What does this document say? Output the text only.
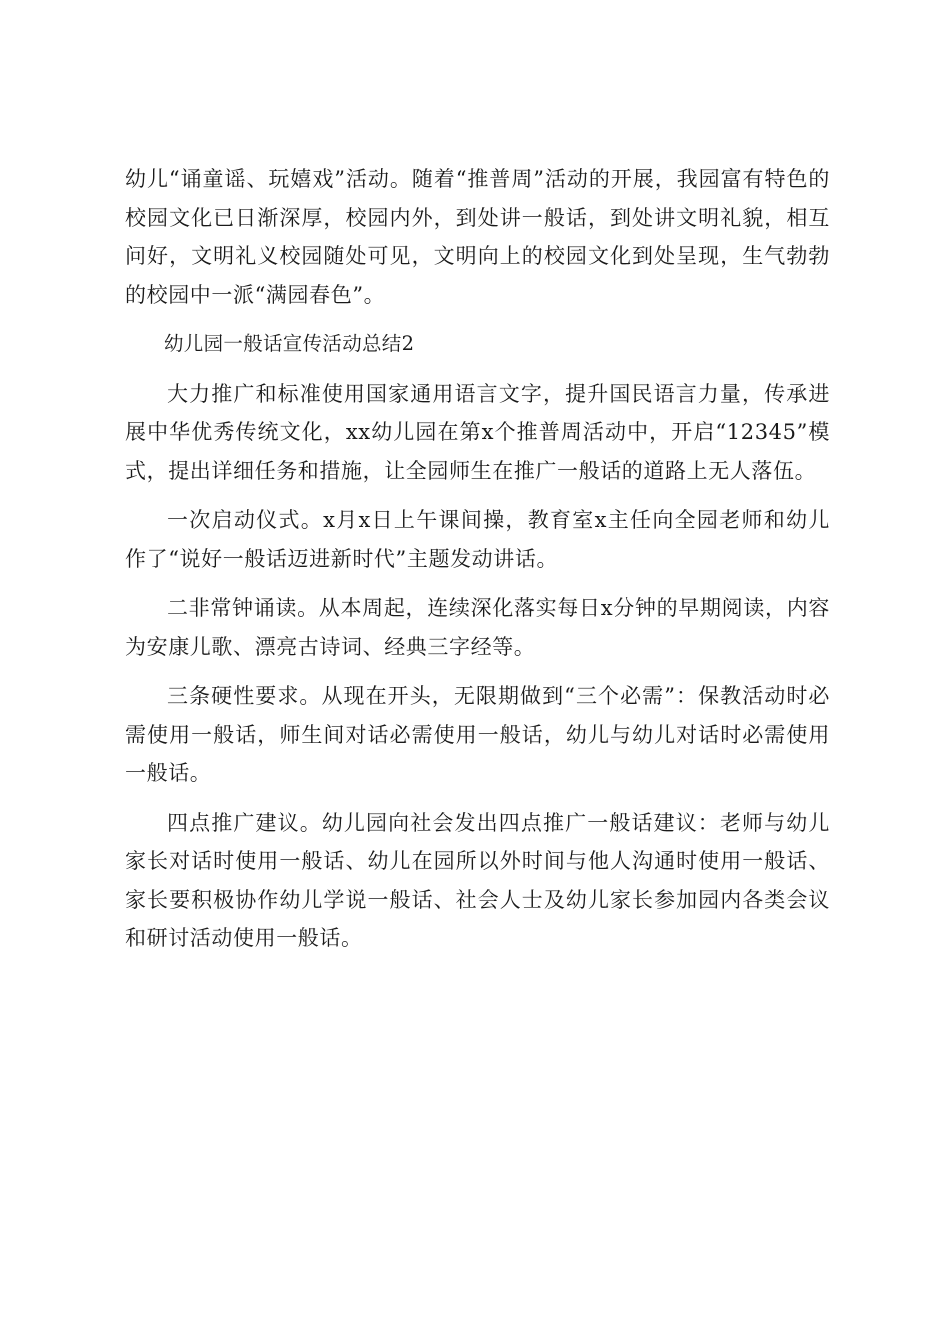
幼儿“诵童谣、玩嬉戏”活动。随着“推普周”活动的开展，我园富有特色的校园文化已日渐深厚，校园内外，到处讲一般话，到处讲文明礼貌，相互问好，文明礼义校园随处可见，文明向上的校园文化到处呈现，生气勃勃的校园中一派“满园春色”。

幼儿园一般话宣传活动总结2

大力推广和标准使用国家通用语言文字，提升国民语言力量，传承进展中华优秀传统文化，xx幼儿园在第x个推普周活动中，开启“12345”模式，提出详细任务和措施，让全园师生在推广一般话的道路上无人落伍。

一次启动仪式。x月x日上午课间操，教育室x主任向全园老师和幼儿作了“说好一般话迈进新时代”主题发动讲话。

二非常钟诵读。从本周起，连续深化落实每日x分钟的早期阅读，内容为安康儿歌、漂亮古诗词、经典三字经等。

三条硬性要求。从现在开头，无限期做到“三个必需”：保教活动时必需使用一般话，师生间对话必需使用一般话，幼儿与幼儿对话时必需使用一般话。

四点推广建议。幼儿园向社会发出四点推广一般话建议：老师与幼儿家长对话时使用一般话、幼儿在园所以外时间与他人沟通时使用一般话、家长要积极协作幼儿学说一般话、社会人士及幼儿家长参加园内各类会议和研讨活动使用一般话。
